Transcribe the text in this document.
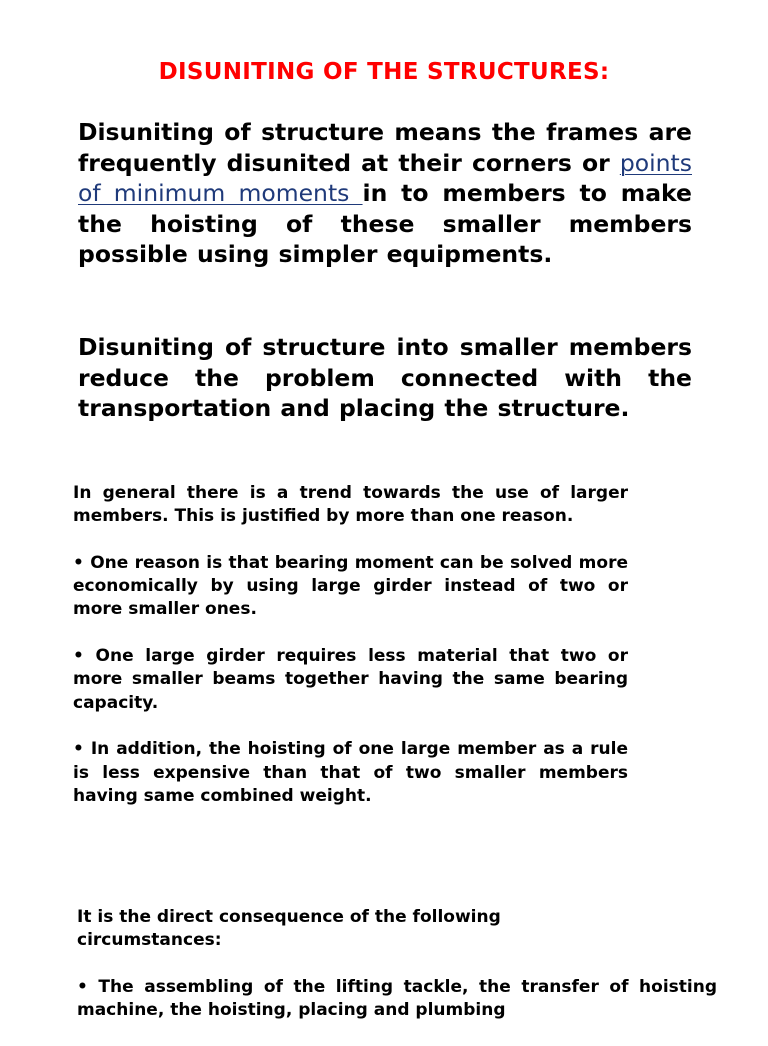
DISUNITING OF THE STRUCTURES:

Disuniting of structure means the frames are frequently disunited at their corners or points of minimum moments in to members to make the hoisting of these smaller members possible using simpler equipments.

Disuniting of structure into smaller members reduce the problem connected with the transportation and placing the structure.

In general there is a trend towards the use of larger members. This is justified by more than one reason.

• One reason is that bearing moment can be solved more economically by using large girder instead of two or more smaller ones.

• One large girder requires less material that two or more smaller beams together having the same bearing capacity.

• In addition, the hoisting of one large member as a rule is less expensive than that of two smaller members having same combined weight.

It is the direct consequence of the following circumstances:

• The assembling of the lifting tackle, the transfer of hoisting machine, the hoisting, placing and plumbing
